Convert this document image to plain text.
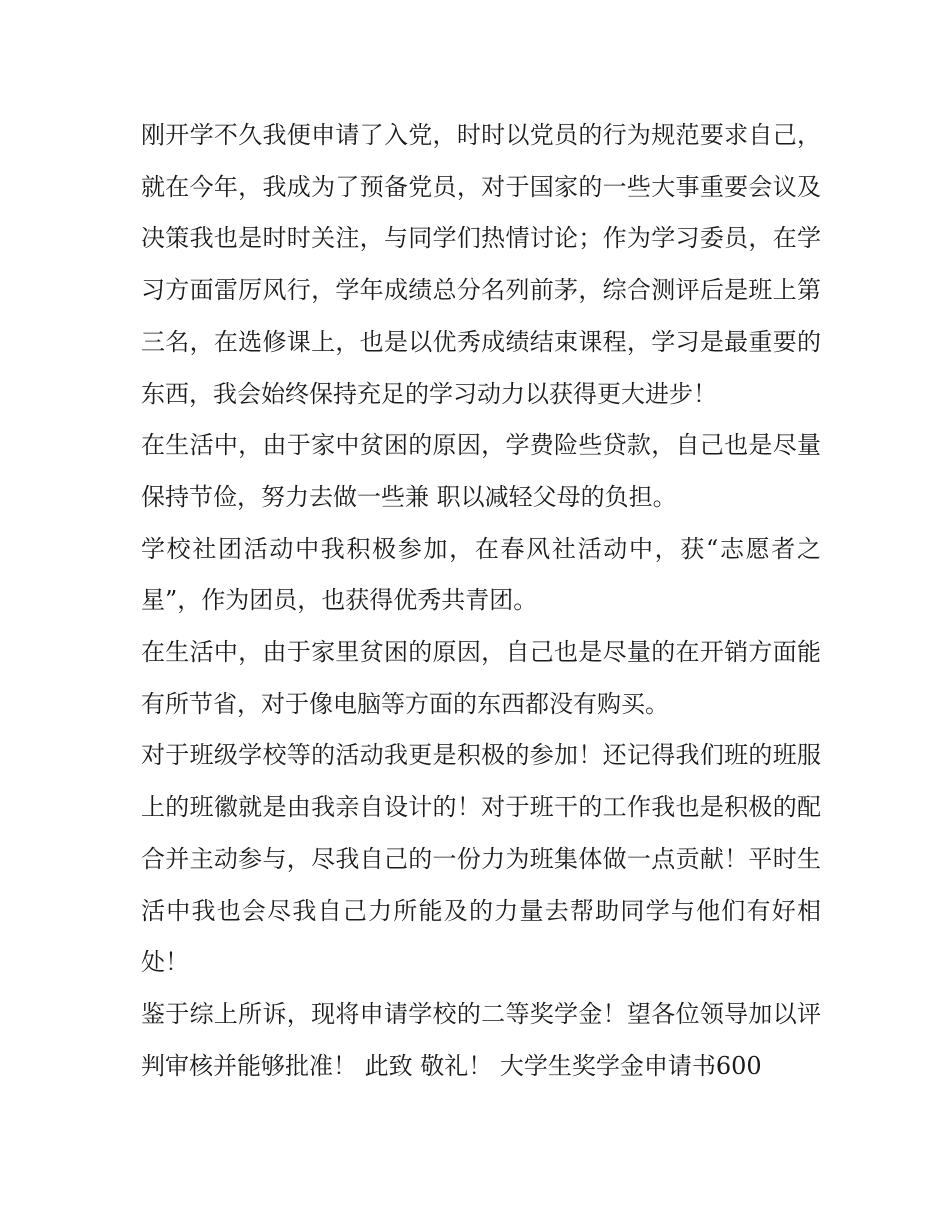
刚开学不久我便申请了入党，时时以党员的行为规范要求自己，就在今年，我成为了预备党员，对于国家的一些大事重要会议及决策我也是时时关注，与同学们热情讨论；作为学习委员，在学习方面雷厉风行，学年成绩总分名列前茅，综合测评后是班上第三名，在选修课上，也是以优秀成绩结束课程，学习是最重要的东西，我会始终保持充足的学习动力以获得更大进步！

在生活中，由于家中贫困的原因，学费险些贷款，自己也是尽量保持节俭，努力去做一些兼 职以减轻父母的负担。

学校社团活动中我积极参加，在春风社活动中，获“志愿者之星”，作为团员，也获得优秀共青团。

在生活中，由于家里贫困的原因，自己也是尽量的在开销方面能有所节省，对于像电脑等方面的东西都没有购买。

对于班级学校等的活动我更是积极的参加！还记得我们班的班服上的班徽就是由我亲自设计的！对于班干的工作我也是积极的配合并主动参与，尽我自己的一份力为班集体做一点贡献！平时生活中我也会尽我自己力所能及的力量去帮助同学与他们有好相处！

鉴于综上所诉，现将申请学校的二等奖学金！望各位领导加以评判审核并能够批准！ 此致 敬礼！ 大学生奖学金申请书600
